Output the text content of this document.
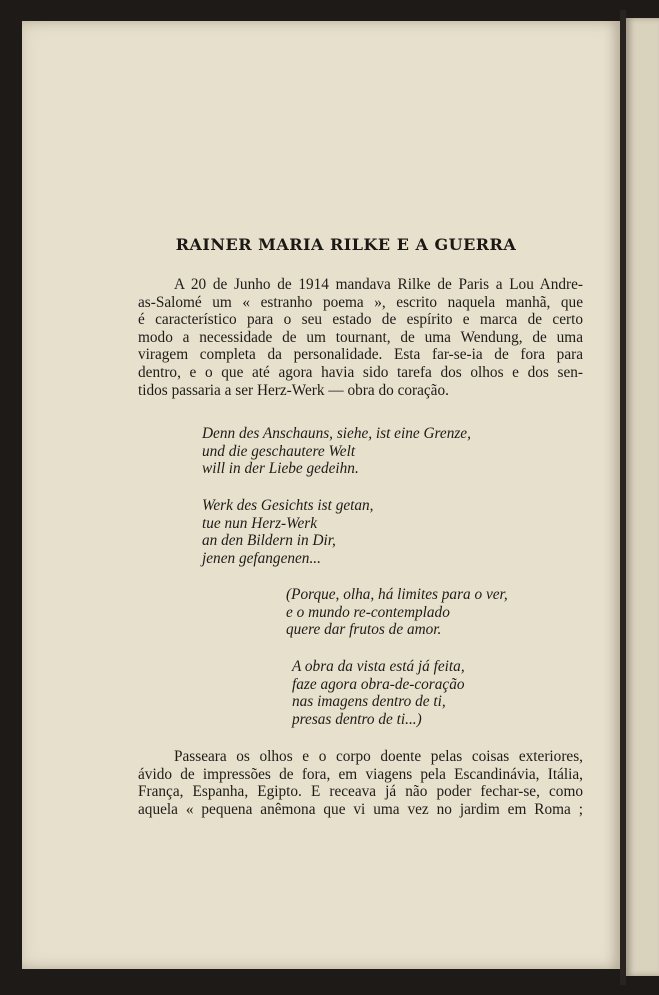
RAINER MARIA RILKE E A GUERRA
A 20 de Junho de 1914 mandava Rilke de Paris a Lou Andre-
as-Salomé um « estranho poema », escrito naquela manhã, que
é característico para o seu estado de espírito e marca de certo
modo a necessidade de um tournant, de uma Wendung, de uma
viragem completa da personalidade. Esta far-se-ia de fora para
dentro, e o que até agora havia sido tarefa dos olhos e dos sen-
tidos passaria a ser Herz-Werk — obra do coração.
Denn des Anschauns, siehe, ist eine Grenze,
und die geschautere Welt
will in der Liebe gedeihn.
Werk des Gesichts ist getan,
tue nun Herz-Werk
an den Bildern in Dir,
jenen gefangenen...
(Porque, olha, há limites para o ver,
e o mundo re-contemplado
quere dar frutos de amor.
A obra da vista está já feita,
faze agora obra-de-coração
nas imagens dentro de ti,
presas dentro de ti...)
Passeara os olhos e o corpo doente pelas coisas exteriores,
ávido de impressões de fora, em viagens pela Escandinávia, Itália,
França, Espanha, Egipto. E receava já não poder fechar-se, como
aquela « pequena anêmona que vi uma vez no jardim em Roma ;
